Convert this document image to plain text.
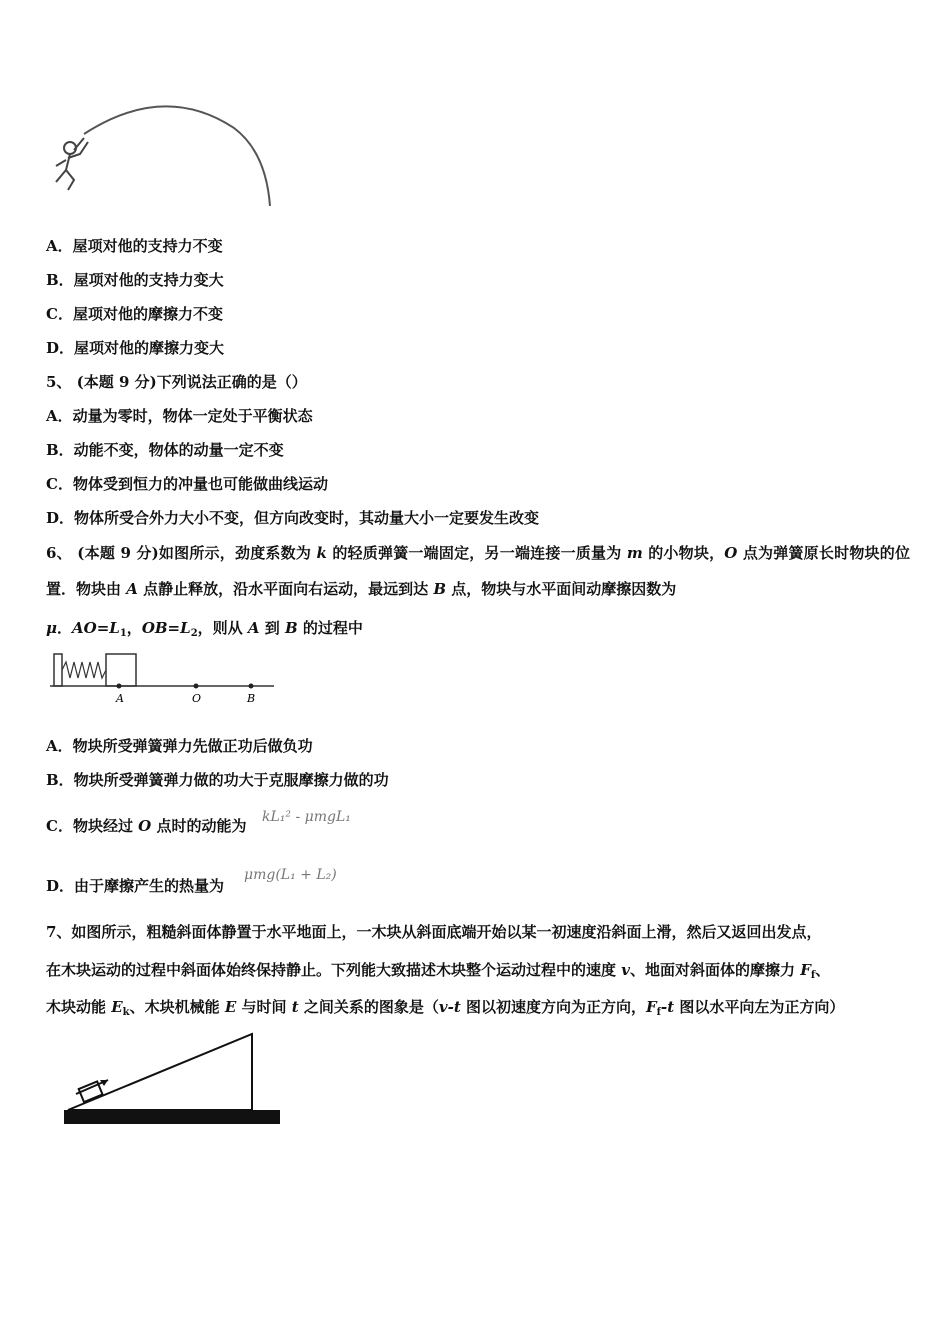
A．屋项对他的支持力不变
B．屋项对他的支持力变大
C．屋项对他的摩擦力不变
D．屋项对他的摩擦力变大
5、 (本题 9 分)下列说法正确的是（）
A．动量为零时，物体一定处于平衡状态
B．动能不变，物体的动量一定不变
C．物体受到恒力的冲量也可能做曲线运动
D．物体所受合外力大小不变，但方向改变时，其动量大小一定要发生改变
6、 (本题 9 分)如图所示，劲度系数为 k 的轻质弹簧一端固定，另一端连接一质量为 m 的小物块，O 点为弹簧原长时物块的位置．物块由 A 点静止释放，沿水平面向右运动，最远到达 B 点，物块与水平面间动摩擦因数为
μ．$AO=L_1$，$OB=L_2$，则从 A 到 B 的过程中
A	O	B
A．物块所受弹簧弹力先做正功后做负功
B．物块所受弹簧弹力做的功大于克服摩擦力做的功
C．物块经过 O 点时的动能为 kL₁² - μmgL₁
D．由于摩擦产生的热量为
μmg(L₁ + L₂)
7、如图所示，粗糙斜面体静置于水平地面上，一木块从斜面底端开始以某一初速度沿斜面上滑，然后又返回出发点，
在木块运动的过程中斜面体始终保持静止。下列能大致描述木块整个运动过程中的速度 v、地面对斜面体的摩擦力 $F_f$、
木块动能 $E_k$、木块机械能 E 与时间 t 之间关系的图象是（v-t 图以初速度方向为正方向，$F_f-t$ 图以水平向左为正方向）
